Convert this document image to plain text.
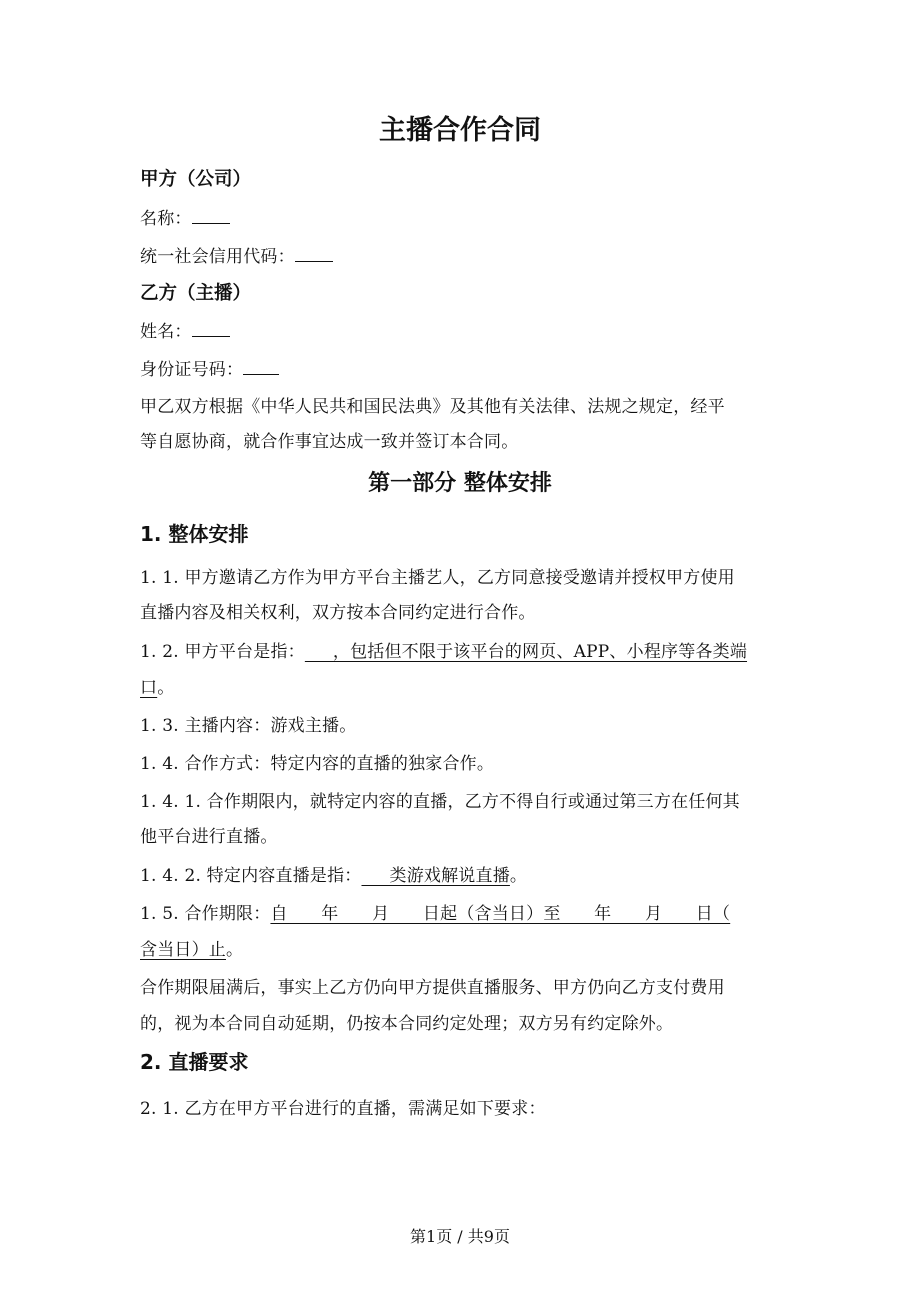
主播合作合同
甲方（公司）
名称：
统一社会信用代码：
乙方（主播）
姓名：
身份证号码：
甲乙双方根据《中华人民共和国民法典》及其他有关法律、法规之规定，经平
等自愿协商，就合作事宜达成一致并签订本合同。
第一部分 整体安排
1. 整体安排
1. 1. 甲方邀请乙方作为甲方平台主播艺人，乙方同意接受邀请并授权甲方使用
直播内容及相关权利，双方按本合同约定进行合作。
1. 2. 甲方平台是指：     ，包括但不限于该平台的网页、APP、小程序等各类端
口。
1. 3. 主播内容：游戏主播。
1. 4. 合作方式：特定内容的直播的独家合作。
1. 4. 1. 合作期限内，就特定内容的直播，乙方不得自行或通过第三方在任何其
他平台进行直播。
1. 4. 2. 特定内容直播是指：     类游戏解说直播。
1. 5. 合作期限：自      年      月      日起（含当日）至      年      月      日（
含当日）止。
合作期限届满后，事实上乙方仍向甲方提供直播服务、甲方仍向乙方支付费用
的，视为本合同自动延期，仍按本合同约定处理；双方另有约定除外。
2. 直播要求
2. 1. 乙方在甲方平台进行的直播，需满足如下要求：
第1页 / 共9页
